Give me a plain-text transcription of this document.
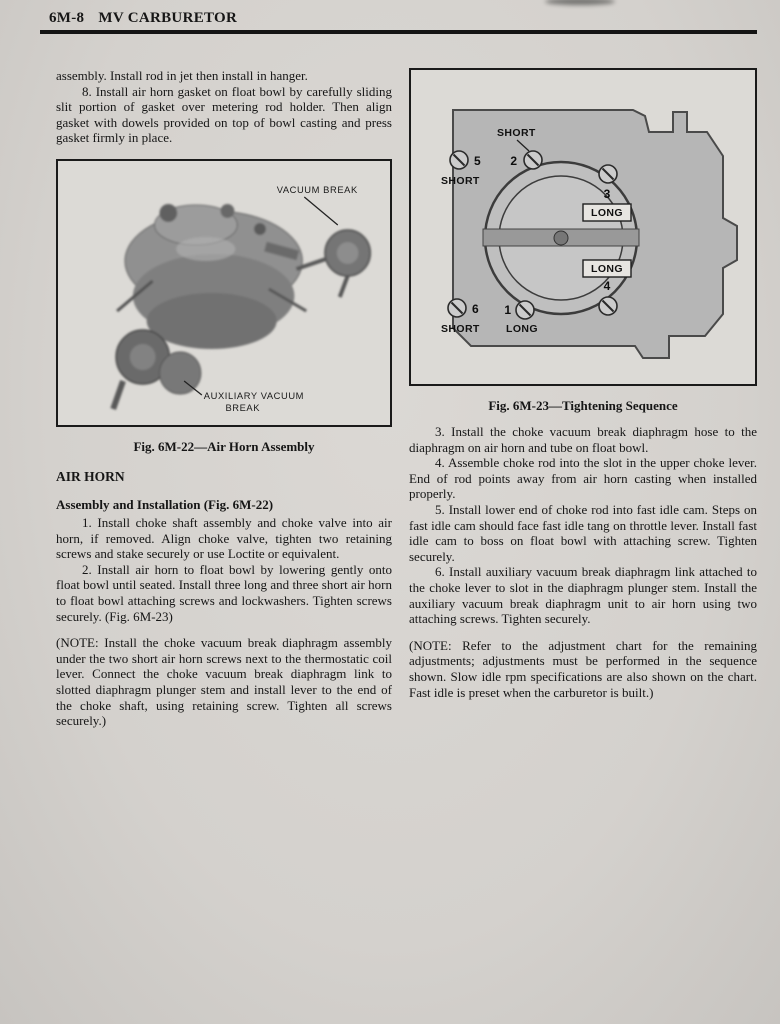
6M-8 MV CARBURETOR

assembly. Install rod in jet then install in hanger.

8. Install air horn gasket on float bowl by carefully sliding slit portion of gasket over metering rod holder. Then align gasket with dowels provided on top of bowl casting and press gasket firmly in place.

VACUUM BREAK
AUXILIARY VACUUM
BREAK
Fig. 6M-22—Air Horn Assembly
AIR HORN
Assembly and Installation (Fig. 6M-22)

1. Install choke shaft assembly and choke valve into air horn, if removed. Align choke valve, tighten two retaining screws and stake securely or use Loctite or equivalent.

2. Install air horn to float bowl by lowering gently onto float bowl until seated. Install three long and three short air horn to float bowl attaching screws and lockwashers. Tighten screws securely. (Fig. 6M-23)

(NOTE: Install the choke vacuum break diaphragm assembly under the two short air horn screws next to the thermostatic coil lever. Connect the choke vacuum break diaphragm link to slotted diaphragm plunger stem and install lever to the end of the choke shaft, using retaining screw. Tighten all screws securely.)

5 2
3
4
6 1
SHORT
SHORT
LONG
LONG
SHORT	LONG
Fig. 6M-23—Tightening Sequence

3. Install the choke vacuum break diaphragm hose to the diaphragm on air horn and tube on float bowl.

4. Assemble choke rod into the slot in the upper choke lever. End of rod points away from air horn casting when installed properly.

5. Install lower end of choke rod into fast idle cam. Steps on fast idle cam should face fast idle tang on throttle lever. Install fast idle cam to boss on float bowl with attaching screw. Tighten securely.

6. Install auxiliary vacuum break diaphragm link attached to the choke lever to slot in the diaphragm plunger stem. Install the auxiliary vacuum break diaphragm unit to air horn using two attaching screws. Tighten securely.

(NOTE: Refer to the adjustment chart for the remaining adjustments; adjustments must be performed in the sequence shown. Slow idle rpm specifications are also shown on the chart. Fast idle is preset when the carburetor is built.)
